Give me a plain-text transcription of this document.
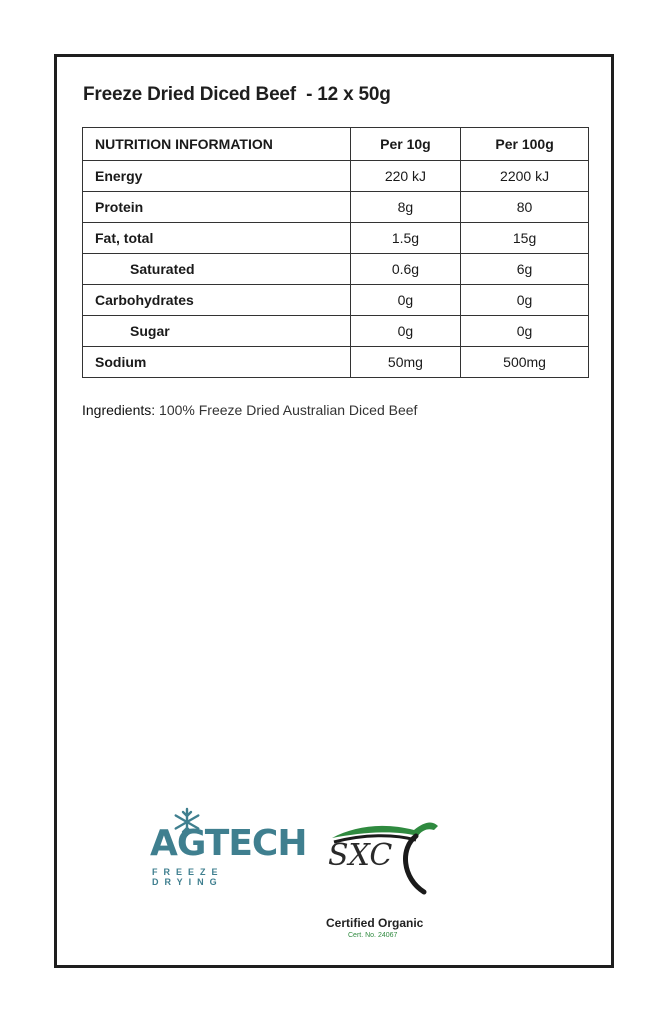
Freeze Dried Diced Beef  - 12 x 50g
NUTRITION INFORMATION	Per 10g	Per 100g
Energy	220 kJ	2200 kJ
Protein	8g	80
Fat, total	1.5g	15g
Saturated	0.6g	6g
Carbohydrates	0g	0g
Sugar	0g	0g
Sodium	50mg	500mg
Ingredients: 100% Freeze Dried Australian Diced Beef
AGTECH
FREEZE DRYING
SXC
Certified Organic
Cert. No. 24067
